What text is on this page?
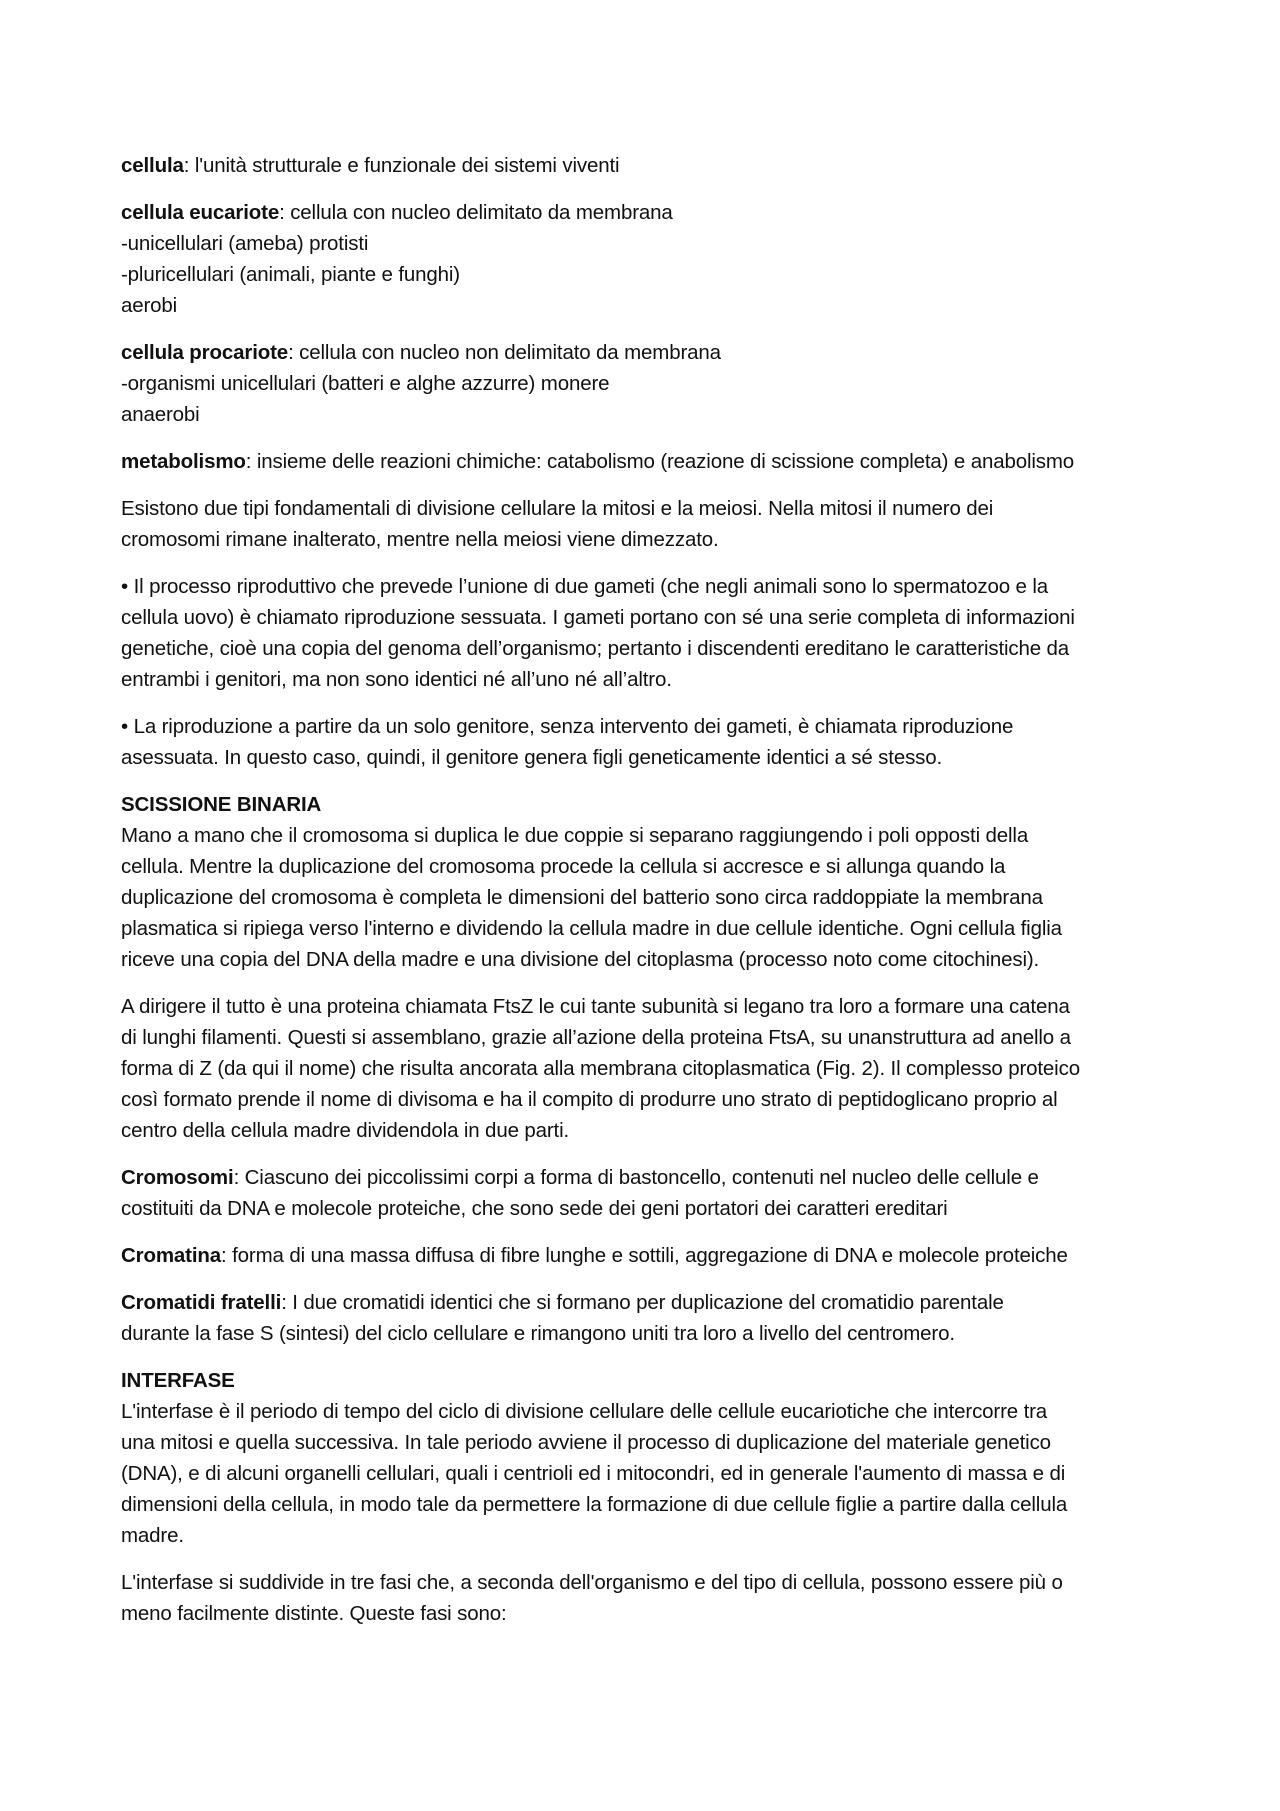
cellula: l'unità strutturale e funzionale dei sistemi viventi
cellula eucariote: cellula con nucleo delimitato da membrana
-unicellulari (ameba) protisti
-pluricellulari (animali, piante e funghi)
aerobi
cellula procariote: cellula con nucleo non delimitato da membrana
-organismi unicellulari (batteri e alghe azzurre) monere
anaerobi
metabolismo: insieme delle reazioni chimiche: catabolismo (reazione di scissione completa) e anabolismo
Esistono due tipi fondamentali di divisione cellulare la mitosi e la meiosi. Nella mitosi il numero dei
cromosomi rimane inalterato, mentre nella meiosi viene dimezzato.
• Il processo riproduttivo che prevede l’unione di due gameti (che negli animali sono lo spermatozoo e la
cellula uovo) è chiamato riproduzione sessuata. I gameti portano con sé una serie completa di informazioni
genetiche, cioè una copia del genoma dell’organismo; pertanto i discendenti ereditano le caratteristiche da
entrambi i genitori, ma non sono identici né all’uno né all’altro.
• La riproduzione a partire da un solo genitore, senza intervento dei gameti, è chiamata riproduzione
asessuata. In questo caso, quindi, il genitore genera figli geneticamente identici a sé stesso.
SCISSIONE BINARIA
Mano a mano che il cromosoma si duplica le due coppie si separano raggiungendo i poli opposti della
cellula. Mentre la duplicazione del cromosoma procede la cellula si accresce e si allunga quando la
duplicazione del cromosoma è completa le dimensioni del batterio sono circa raddoppiate la membrana
plasmatica si ripiega verso l'interno e dividendo la cellula madre in due cellule identiche. Ogni cellula figlia
riceve una copia del DNA della madre e una divisione del citoplasma (processo noto come citochinesi).
A dirigere il tutto è una proteina chiamata FtsZ le cui tante subunità si legano tra loro a formare una catena
di lunghi filamenti. Questi si assemblano, grazie all’azione della proteina FtsA, su unanstruttura ad anello a
forma di Z (da qui il nome) che risulta ancorata alla membrana citoplasmatica (Fig. 2). Il complesso proteico
così formato prende il nome di divisoma e ha il compito di produrre uno strato di peptidoglicano proprio al
centro della cellula madre dividendola in due parti.
Cromosomi: Ciascuno dei piccolissimi corpi a forma di bastoncello, contenuti nel nucleo delle cellule e
costituiti da DNA e molecole proteiche, che sono sede dei geni portatori dei caratteri ereditari
Cromatina: forma di una massa diffusa di fibre lunghe e sottili, aggregazione di DNA e molecole proteiche
Cromatidi fratelli: I due cromatidi identici che si formano per duplicazione del cromatidio parentale
durante la fase S (sintesi) del ciclo cellulare e rimangono uniti tra loro a livello del centromero.
INTERFASE
L'interfase è il periodo di tempo del ciclo di divisione cellulare delle cellule eucariotiche che intercorre tra
una mitosi e quella successiva. In tale periodo avviene il processo di duplicazione del materiale genetico
(DNA), e di alcuni organelli cellulari, quali i centrioli ed i mitocondri, ed in generale l'aumento di massa e di
dimensioni della cellula, in modo tale da permettere la formazione di due cellule figlie a partire dalla cellula
madre.
L'interfase si suddivide in tre fasi che, a seconda dell'organismo e del tipo di cellula, possono essere più o
meno facilmente distinte. Queste fasi sono:
